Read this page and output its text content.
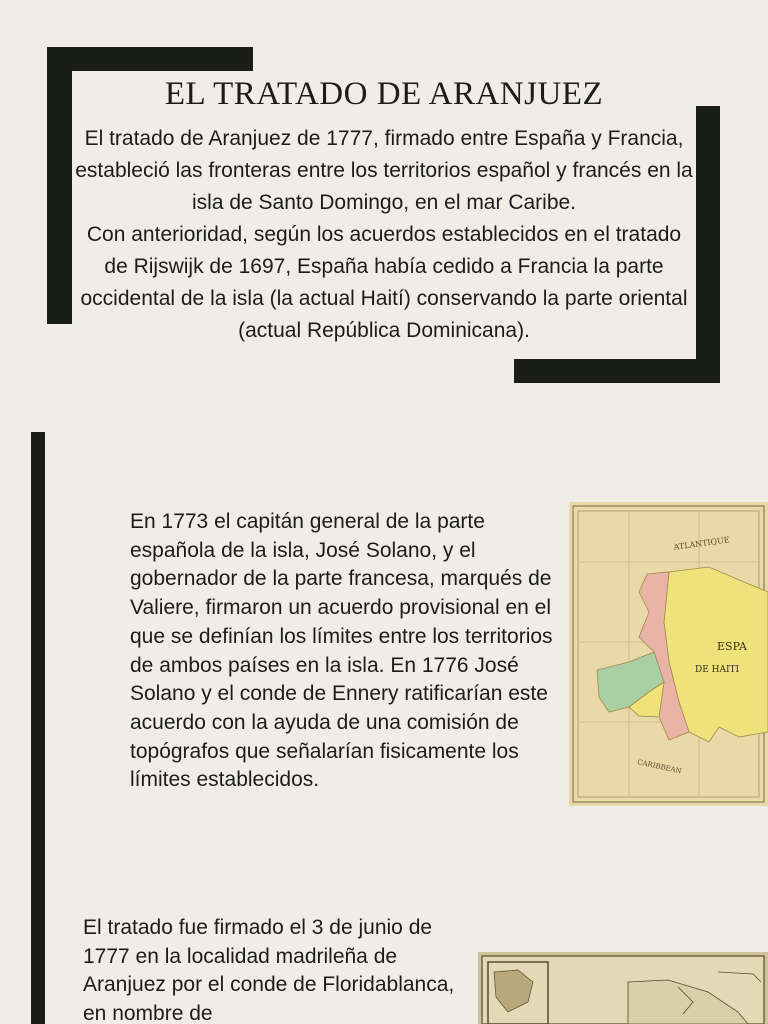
EL TRATADO DE ARANJUEZ

El tratado de Aranjuez de 1777, firmado entre España y Francia, estableció las fronteras entre los territorios español y francés en la isla de Santo Domingo, en el mar Caribe.

Con anterioridad, según los acuerdos establecidos en el tratado de Rijswijk de 1697, España había cedido a Francia la parte occidental de la isla (la actual Haití) conservando la parte oriental (actual República Dominicana).

En 1773 el capitán general de la parte española de la isla, José Solano, y el gobernador de la parte francesa, marqués de Valiere, firmaron un acuerdo provisional en el que se definían los límites entre los territorios de ambos países en la isla. En 1776 José Solano y el conde de Ennery ratificarían este acuerdo con la ayuda de una comisión de topógrafos que señalarían fisicamente los límites establecidos.

ATLANTIQUE
ESPA
DE HAITI
CARIBBEAN

El tratado fue firmado el 3 de junio de 1777 en la localidad madrileña de Aranjuez por el conde de Floridablanca, en nombre de
